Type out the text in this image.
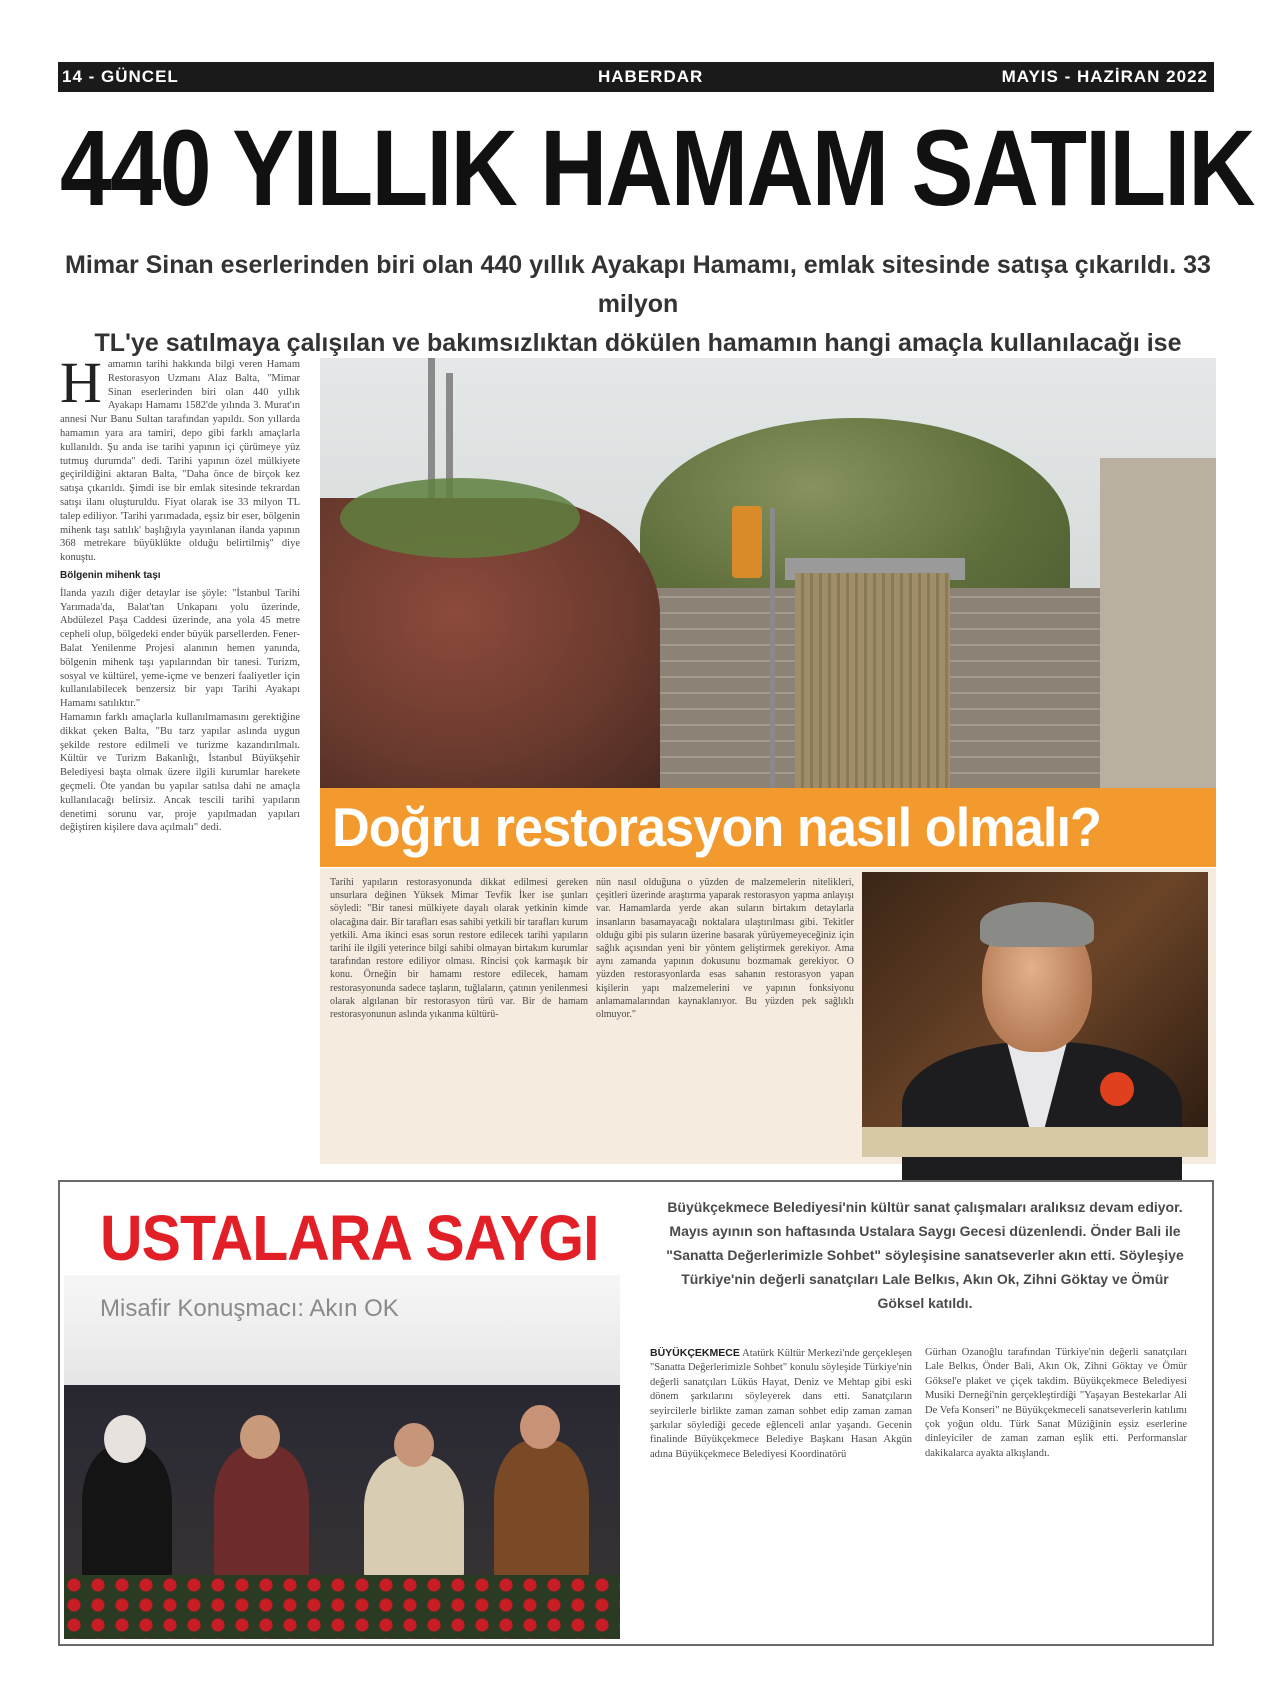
14 - GÜNCEL	HABERDAR	MAYIS - HAZİRAN 2022
440 YILLIK HAMAM SATILIK
Mimar Sinan eserlerinden biri olan 440 yıllık Ayakapı Hamamı, emlak sitesinde satışa çıkarıldı. 33 milyon
TL'ye satılmaya çalışılan ve bakımsızlıktan dökülen hamamın hangi amaçla kullanılacağı ise
H amamın tarihi hakkında bilgi veren Hamam Restorasyon Uzmanı Alaz Balta, "Mimar Sinan eserlerinden biri olan 440 yıllık Ayakapı Hamamı 1582'de yılında 3. Murat'ın annesi Nur Banu Sultan tarafından yapıldı. Son yıllarda hamamın yara ara tamiri, depo gibi farklı amaçlarla kullanıldı. Şu anda ise tarihi yapının içi çürümeye yüz tutmuş durumda" dedi. Tarihi yapının özel mülkiyete geçirildiğini aktaran Balta, "Daha önce de birçok kez satışa çıkarıldı. Şimdi ise bir emlak sitesinde tekrardan satışı ilanı oluşturuldu. Fiyat olarak ise 33 milyon TL talep ediliyor. 'Tarihi yarımadada, eşsiz bir eser, bölgenin mihenk taşı satılık' başlığıyla yayınlanan ilanda yapının 368 metrekare büyüklükte olduğu belirtilmiş" diye konuştu.

Bölgenin mihenk taşı

İlanda yazılı diğer detaylar ise şöyle: "İstanbul Tarihi Yarımada'da, Balat'tan Unkapanı yolu üzerinde, Abdülezel Paşa Caddesi üzerinde, ana yola 45 metre cepheli olup, bölgedeki ender büyük parsellerden. Fener-Balat Yenilenme Projesi alanının hemen yanında, bölgenin mihenk taşı yapılarından bir tanesi. Turizm, sosyal ve kültürel, yeme-içme ve benzeri faaliyetler için kullanılabilecek benzersiz bir yapı Tarihi Ayakapı Hamamı satılıktır."

Hamamın farklı amaçlarla kullanılmamasını gerektiğine dikkat çeken Balta, "Bu tarz yapılar aslında uygun şekilde restore edilmeli ve turizme kazandırılmalı. Kültür ve Turizm Bakanlığı, İstanbul Büyükşehir Belediyesi başta olmak üzere ilgili kurumlar harekete geçmeli. Öte yandan bu yapılar satılsa dahi ne amaçla kullanılacağı belirsiz. Ancak tescili tarihi yapıların denetimi sorunu var, proje yapılmadan yapıları değiştiren kişilere dava açılmalı" dedi.	Doğru restorasyon nasıl olmalı?
Tarihi yapıların restorasyonunda dikkat edilmesi gereken unsurlara değinen Yüksek Mimar Tevfik İker ise şunları söyledi: "Bir tanesi mülkiyete dayalı olarak yetkinin kimde olacağına dair. Bir tarafları esas sahibi yetkili bir tarafları kurum yetkili. Ama ikinci esas sorun restore edilecek tarihi yapıların tarihi ile ilgili yeterince bilgi sahibi olmayan birtakım kurumlar tarafından restore ediliyor olması. Rincisi çok karmaşık bir konu. Örneğin bir hamamı restore edilecek, hamam restorasyonunda sadece taşların, tuğlaların, çatının yenilenmesi olarak algılanan bir restorasyon türü var. Bir de hamam restorasyonunun aslında yıkanma kültürü-
nün nasıl olduğuna o yüzden de malzemelerin nitelikleri, çeşitleri üzerinde araştırma yaparak restorasyon yapma anlayışı var. Hamamlarda yerde akan suların birtakım detaylarla insanların basamayacağı noktalara ulaştırılması gibi. Tekitler olduğu gibi pis suların üzerine basarak yürüyemeyeceğiniz için sağlık açısından yeni bir yöntem geliştirmek gerekiyor. Ama aynı zamanda yapının dokusunu bozmamak gerekiyor. O yüzden restorasyonlarda esas sahanın restorasyon yapan kişilerin yapı malzemelerini ve yapının fonksiyonu anlamamalarından kaynaklanıyor. Bu yüzden pek sağlıklı olmuyor."
USTALARA SAYGI
Misafir Konuşmacı: Akın OK
Büyükçekmece Belediyesi'nin kültür sanat çalışmaları aralıksız devam ediyor. Mayıs ayının son haftasında Ustalara Saygı Gecesi düzenlendi. Önder Bali ile "Sanatta Değerlerimizle Sohbet" söyleşisine sanatseverler akın etti. Söyleşiye Türkiye'nin değerli sanatçıları Lale Belkıs, Akın Ok, Zihni Göktay ve Ömür Göksel katıldı.

BÜYÜKÇEKMECE Atatürk Kültür Merkezi'nde gerçekleşen "Sanatta Değerlerimizle Sohbet" konulu söyleşide Türkiye'nin değerli sanatçıları Lüküs Hayat, Deniz ve Mehtap gibi eski dönem şarkılarını söyleyerek dans etti. Sanatçıların seyircilerle birlikte zaman zaman sohbet edip zaman zaman şarkılar söylediği gecede eğlenceli anlar yaşandı. Gecenin finalinde Büyükçekmece Belediye Başkanı Hasan Akgün adına Büyükçekmece Belediyesi Koordinatörü

Gürhan Ozanoğlu tarafından Türkiye'nin değerli sanatçıları Lale Belkıs, Önder Bali, Akın Ok, Zihni Göktay ve Ömür Göksel'e plaket ve çiçek takdim. Büyükçekmece Belediyesi Musiki Derneği'nin gerçekleştirdiği "Yaşayan Bestekarlar Ali De Vefa Konseri" ne Büyükçekmeceli sanatseverlerin katılımı çok yoğun oldu. Türk Sanat Müziğinin eşsiz eserlerine dinleyiciler de zaman zaman eşlik etti. Performanslar dakikalarca ayakta alkışlandı.
